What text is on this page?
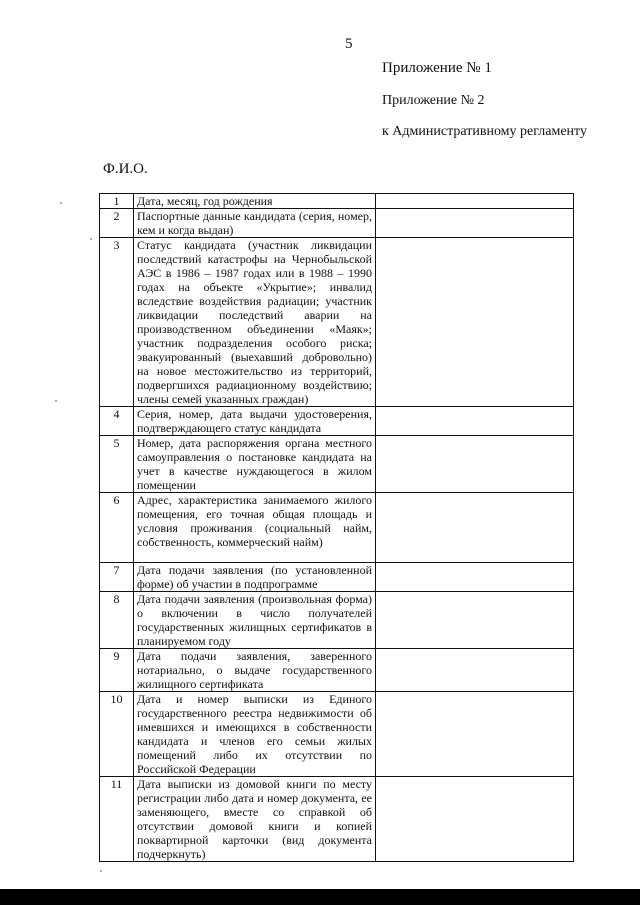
5
Приложение № 1
Приложение № 2
к Административному регламенту
Ф.И.О.
1	Дата, месяц, год рождения	
2	Паспортные данные кандидата (серия, номер, кем и когда выдан)	
3	Статус кандидата (участник ликвидации последствий катастрофы на Чернобыльской АЭС в 1986 – 1987 годах или в 1988 – 1990 годах на объекте «Укрытие»; инвалид вследствие воздействия радиации; участник ликвидации последствий аварии на производственном объединении «Маяк»; участник подразделения особого риска; эвакуированный (выехавший добровольно) на новое местожительство из территорий, подвергшихся радиационному воздействию; члены семей указанных граждан)	
4	Серия, номер, дата выдачи удостоверения, подтверждающего статус кандидата	
5	Номер, дата распоряжения органа местного самоуправления о постановке кандидата на учет в качестве нуждающегося в жилом помещении	
6	Адрес, характеристика занимаемого жилого помещения, его точная общая площадь и условия проживания (социальный найм, собственность, коммерческий найм)	
7	Дата подачи заявления (по установленной форме) об участии в подпрограмме	
8	Дата подачи заявления (произвольная форма) о включении в число получателей государственных жилищных сертификатов в планируемом году	
9	Дата подачи заявления, заверенного нотариально, о выдаче государственного жилищного сертификата	
10	Дата и номер выписки из Единого государственного реестра недвижимости об имевшихся и имеющихся в собственности кандидата и членов его семьи жилых помещений либо их отсутствии по Российской Федерации	
11	Дата выписки из домовой книги по месту регистрации либо дата и номер документа, ее заменяющего, вместе со справкой об отсутствии домовой книги и копией поквартирной карточки (вид документа подчеркнуть)	
